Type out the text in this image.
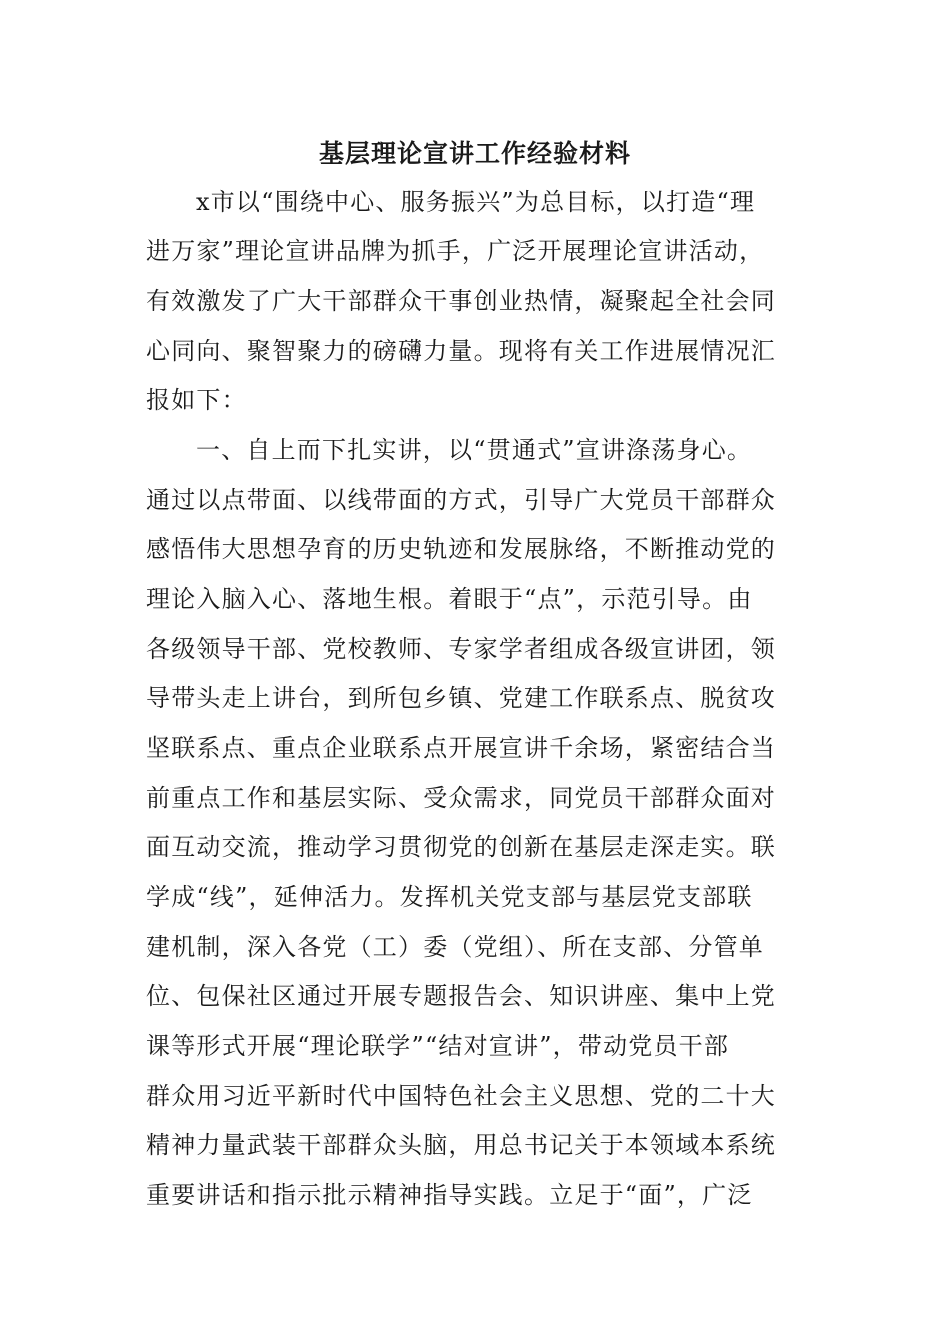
基层理论宣讲工作经验材料
x市以“围绕中心、服务振兴”为总目标，以打造“理
进万家”理论宣讲品牌为抓手，广泛开展理论宣讲活动，
有效激发了广大干部群众干事创业热情，凝聚起全社会同
心同向、聚智聚力的磅礴力量。现将有关工作进展情况汇
报如下：
一、自上而下扎实讲，以“贯通式”宣讲涤荡身心。
通过以点带面、以线带面的方式，引导广大党员干部群众
感悟伟大思想孕育的历史轨迹和发展脉络，不断推动党的
理论入脑入心、落地生根。着眼于“点”，示范引导。由
各级领导干部、党校教师、专家学者组成各级宣讲团，领
导带头走上讲台，到所包乡镇、党建工作联系点、脱贫攻
坚联系点、重点企业联系点开展宣讲千余场，紧密结合当
前重点工作和基层实际、受众需求，同党员干部群众面对
面互动交流，推动学习贯彻党的创新在基层走深走实。联
学成“线”，延伸活力。发挥机关党支部与基层党支部联
建机制，深入各党（工）委（党组）、所在支部、分管单
位、包保社区通过开展专题报告会、知识讲座、集中上党
课等形式开展“理论联学”“结对宣讲”，带动党员干部
群众用习近平新时代中国特色社会主义思想、党的二十大
精神力量武装干部群众头脑，用总书记关于本领域本系统
重要讲话和指示批示精神指导实践。立足于“面”，广泛
